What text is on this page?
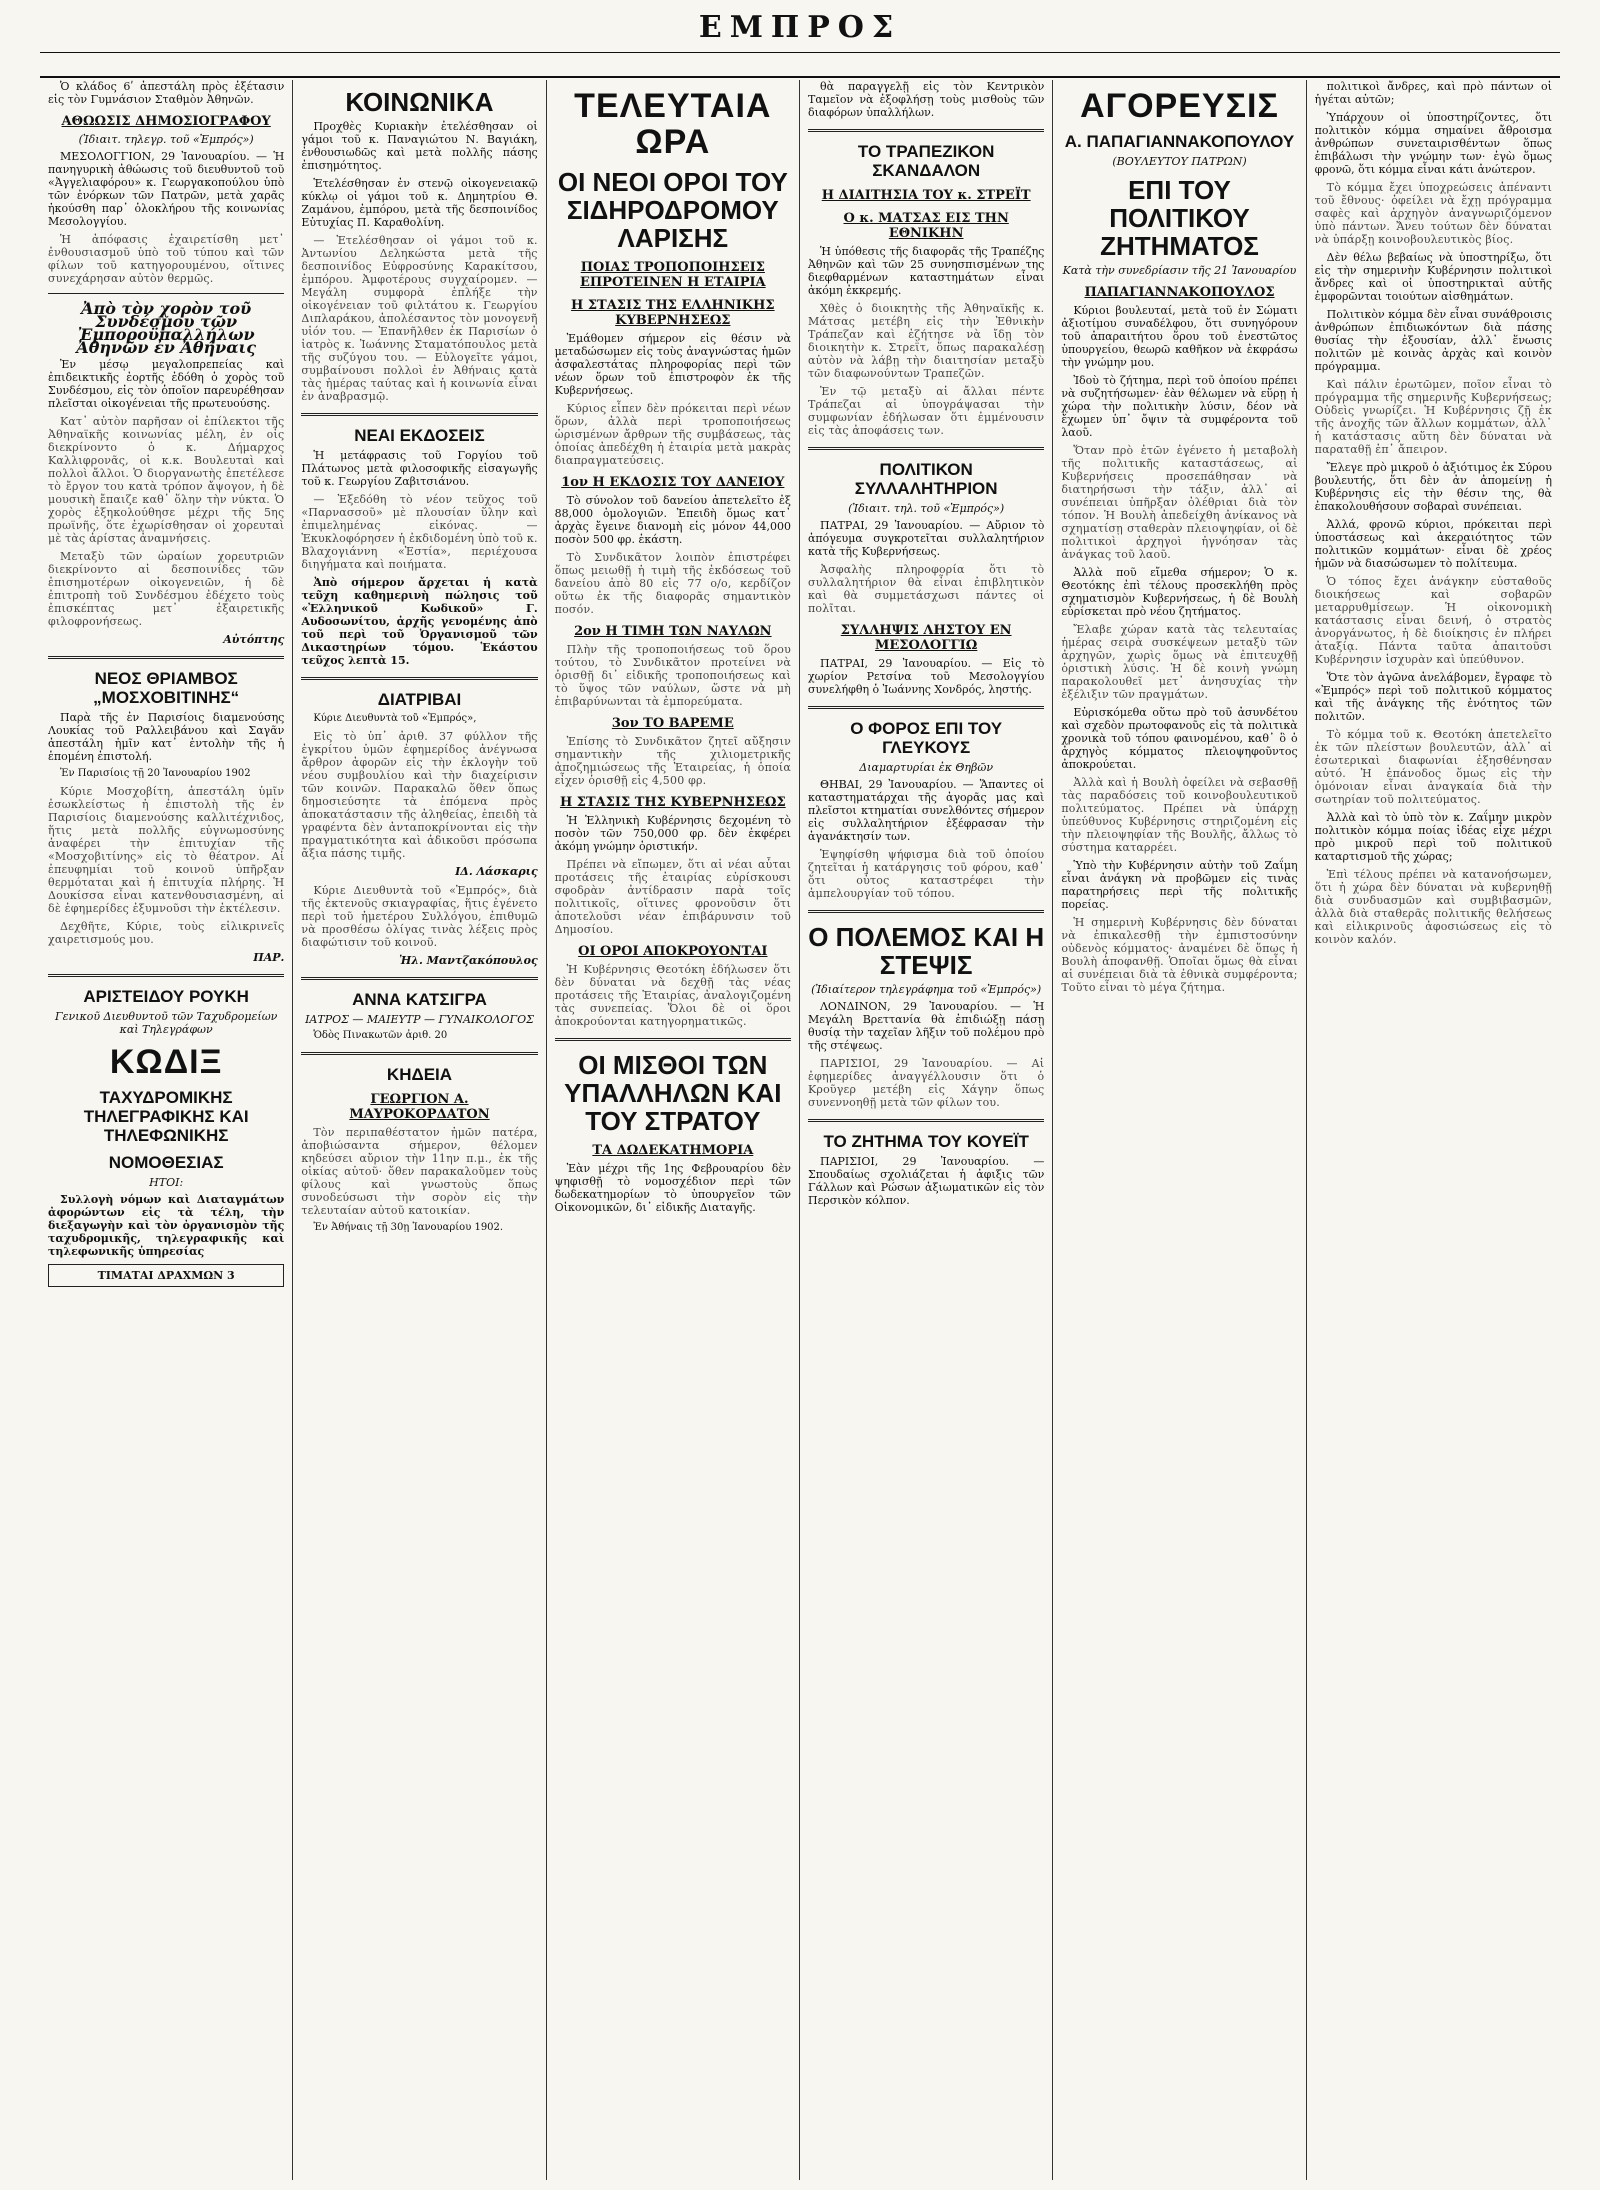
ΕΜΠΡΟΣ

Ὁ κλάδος 6ʹ ἀπεστάλη πρὸς ἐξέτασιν εἰς τὸν Γυμνάσιον Σταθμὸν Ἀθηνῶν.

ΑΘΩΩΣΙΣ ΔΗΜΟΣΙΟΓΡΑΦΟΥ
(Ἰδιαιτ. τηλεγρ. τοῦ «Ἐμπρός»)

ΜΕΣΟΛΟΓΓΙΟΝ, 29 Ἰανουαρίου. — Ἡ πανηγυρικὴ ἀθώωσις τοῦ διευθυντοῦ τοῦ «Ἀγγελιαφόρου» κ. Γεωργακοπούλου ὑπὸ τῶν ἐνόρκων τῶν Πατρῶν, μετὰ χαρᾶς ἠκούσθη παρ᾽ ὁλοκλήρου τῆς κοινωνίας Μεσολογγίου.

Ἡ ἀπόφασις ἐχαιρετίσθη μετ᾽ ἐνθουσιασμοῦ ὑπὸ τοῦ τύπου καὶ τῶν φίλων τοῦ κατηγορουμένου, οἵτινες συνεχάρησαν αὐτὸν θερμῶς.

Ἀπὸ τὸν χορὸν τοῦ Συνδέσμου τῶν Ἐμποροϋπαλλήλων Ἀθηνῶν ἐν Ἀθήναις

Ἐν μέσῳ μεγαλοπρεπείας καὶ ἐπιδεικτικῆς ἐορτῆς ἐδόθη ὁ χορὸς τοῦ Συνδέσμου, εἰς τὸν ὁποῖον παρευρέθησαν πλεῖσται οἰκογένειαι τῆς πρωτευούσης.

Κατ᾽ αὐτὸν παρῆσαν οἱ ἐπίλεκτοι τῆς Ἀθηναϊκῆς κοινωνίας μέλη, ἐν οἷς διεκρίνοντο ὁ κ. Δήμαρχος Καλλιφρονᾶς, οἱ κ.κ. Βουλευταὶ καὶ πολλοὶ ἄλλοι. Ὁ διοργανωτὴς ἐπετέλεσε τὸ ἔργον του κατὰ τρόπον ἄψογον, ἡ δὲ μουσικὴ ἔπαιζε καθ᾽ ὅλην τὴν νύκτα. Ὁ χορὸς ἐξηκολούθησε μέχρι τῆς 5ης πρωϊνῆς, ὅτε ἐχωρίσθησαν οἱ χορευταὶ μὲ τὰς ἀρίστας ἀναμνήσεις.

Μεταξὺ τῶν ὡραίων χορευτριῶν διεκρίνοντο αἱ δεσποινίδες τῶν ἐπισημοτέρων οἰκογενειῶν, ἡ δὲ ἐπιτροπὴ τοῦ Συνδέσμου ἐδέχετο τοὺς ἐπισκέπτας μετ᾽ ἐξαιρετικῆς φιλοφρονήσεως.

Αὐτόπτης
ΝΕΟΣ ΘΡΙΑΜΒΟΣ „ΜΟΣΧΟΒΙΤΙΝΗΣ“

Παρὰ τῆς ἐν Παρισίοις διαμενούσης Λουκίας τοῦ Ραλλειβάνου καὶ Σαγᾶν ἀπεστάλη ἡμῖν κατ᾽ ἐντολὴν τῆς ἡ ἑπομένη ἐπιστολή.

Ἐν Παρισίοις τῇ 20 Ἰανουαρίου 1902

Κύριε Μοσχοβίτη, ἀπεστάλη ὑμῖν ἐσωκλείστως ἡ ἐπιστολὴ τῆς ἐν Παρισίοις διαμενούσης καλλιτέχνιδος, ἥτις μετὰ πολλῆς εὐγνωμοσύνης ἀναφέρει τὴν ἐπιτυχίαν τῆς «Μοσχοβιτίνης» εἰς τὸ θέατρον. Αἱ ἐπευφημίαι τοῦ κοινοῦ ὑπῆρξαν θερμόταται καὶ ἡ ἐπιτυχία πλήρης. Ἡ Δουκίσσα εἶναι κατενθουσιασμένη, αἱ δὲ ἐφημερίδες ἐξυμνοῦσι τὴν ἐκτέλεσιν.

Δεχθῆτε, Κύριε, τοὺς εἰλικρινεῖς χαιρετισμούς μου.

ΠΑΡ.
ΑΡΙΣΤΕΙΔΟΥ ΡΟΥΚΗ
Γενικοῦ Διευθυντοῦ τῶν Ταχυδρομείων καὶ Τηλεγράφων
ΚΩΔΙΞ
ΤΑΧΥΔΡΟΜΙΚΗΣ ΤΗΛΕΓΡΑΦΙΚΗΣ ΚΑΙ ΤΗΛΕΦΩΝΙΚΗΣ
ΝΟΜΟΘΕΣΙΑΣ
ΗΤΟΙ:

Συλλογὴ νόμων καὶ Διαταγμάτων ἀφορώντων εἰς τὰ τέλη, τὴν διεξαγωγὴν καὶ τὸν ὀργανισμὸν τῆς ταχυδρομικῆς, τηλεγραφικῆς καὶ τηλεφωνικῆς ὑπηρεσίας

ΤΙΜΑΤΑΙ ΔΡΑΧΜΩΝ 3
ΚΟΙΝΩΝΙΚΑ

Προχθὲς Κυριακὴν ἐτελέσθησαν οἱ γάμοι τοῦ κ. Παναγιώτου Ν. Βαγιάκη, ἐνθουσιωδῶς καὶ μετὰ πολλῆς πάσης ἐπισημότητος.

Ἑτελέσθησαν ἐν στενῷ οἰκογενειακῷ κύκλῳ οἱ γάμοι τοῦ κ. Δημητρίου Θ. Ζαμάνου, ἐμπόρου, μετὰ τῆς δεσποινίδος Εὐτυχίας Π. Καραθολίνη.

— Ἑτελέσθησαν οἱ γάμοι τοῦ κ. Ἀντωνίου Δεληκώστα μετὰ τῆς δεσποινίδος Εὐφροσύνης Καρακίτσου, ἐμπόρου. Ἀμφοτέρους συγχαίρομεν. — Μεγάλη συμφορὰ ἐπλήξε τὴν οἰκογένειαν τοῦ φιλτάτου κ. Γεωργίου Διπλαράκου, ἀπολέσαντος τὸν μονογενῆ υἱόν του. — Ἐπανῆλθεν ἐκ Παρισίων ὁ ἰατρὸς κ. Ἰωάννης Σταματόπουλος μετὰ τῆς συζύγου του. — Εὐλογεῖτε γάμοι, συμβαίνουσι πολλοὶ ἐν Ἀθήναις κατὰ τὰς ἡμέρας ταύτας καὶ ἡ κοινωνία εἶναι ἐν ἀναβρασμῷ.

ΝΕΑΙ ΕΚΔΟΣΕΙΣ

Ἡ μετάφρασις τοῦ Γοργίου τοῦ Πλάτωνος μετὰ φιλοσοφικῆς εἰσαγωγῆς τοῦ κ. Γεωργίου Ζαβιτσιάνου.

— Ἐξεδόθη τὸ νέον τεῦχος τοῦ «Παρνασσοῦ» μὲ πλουσίαν ὕλην καὶ ἐπιμελημένας εἰκόνας. — Ἐκυκλοφόρησεν ἡ ἐκδιδομένη ὑπὸ τοῦ κ. Βλαχογιάννη «Ἑστία», περιέχουσα διηγήματα καὶ ποιήματα.

Ἀπὸ σήμερον ἄρχεται ἡ κατὰ τεῦχη καθημερινὴ πώλησις τοῦ «Ἐλληνικοῦ Κωδικοῦ» Γ. Αυδοσωνίτου, ἀρχῆς γενομένης ἀπὸ τοῦ περὶ τοῦ Ὀργανισμοῦ τῶν Δικαστηρίων τόμου. Ἑκάστου τεῦχος λεπτὰ 15.

ΔΙΑΤΡΙΒΑΙ

Κύριε Διευθυντὰ τοῦ «Ἐμπρός»,

Εἰς τὸ ὑπ᾽ ἀριθ. 37 φύλλον τῆς ἐγκρίτου ὑμῶν ἐφημερίδος ἀνέγνωσα ἄρθρον ἀφορῶν εἰς τὴν ἐκλογὴν τοῦ νέου συμβουλίου καὶ τὴν διαχείρισιν τῶν κοινῶν. Παρακαλῶ ὅθεν ὅπως δημοσιεύσητε τὰ ἑπόμενα πρὸς ἀποκατάστασιν τῆς ἀληθείας, ἐπειδὴ τὰ γραφέντα δὲν ἀνταποκρίνονται εἰς τὴν πραγματικότητα καὶ ἀδικοῦσι πρόσωπα ἄξια πάσης τιμῆς.

ΙΔ. Λάσκαρις

Κύριε Διευθυντὰ τοῦ «Ἐμπρός», διὰ τῆς ἐκτενοῦς σκιαγραφίας, ἥτις ἐγένετο περὶ τοῦ ἡμετέρου Συλλόγου, ἐπιθυμῶ νὰ προσθέσω ὀλίγας τινὰς λέξεις πρὸς διαφώτισιν τοῦ κοινοῦ.

Ἠλ. Μαντζακόπουλος
ΑΝΝΑ ΚΑΤΣΙΓΡΑ
ΙΑΤΡΟΣ — ΜΑΙΕΥΤΡ — ΓΥΝΑΙΚΟΛΟΓΟΣ

Ὁδὸς Πινακωτῶν ἀριθ. 20

ΚΗΔΕΙΑ
ΓΕΩΡΓΙΟΝ Α. ΜΑΥΡΟΚΟΡΔΑΤΟΝ

Τὸν περιπαθέστατον ἡμῶν πατέρα, ἀποβιώσαντα σήμερον, θέλομεν κηδεύσει αὔριον τὴν 11ην π.μ., ἐκ τῆς οἰκίας αὐτοῦ· ὅθεν παρακαλοῦμεν τοὺς φίλους καὶ γνωστοὺς ὅπως συνοδεύσωσι τὴν σορὸν εἰς τὴν τελευταίαν αὐτοῦ κατοικίαν.

Ἐν Ἀθήναις τῇ 30ῃ Ἰανουαρίου 1902.

ΤΕΛΕΥΤΑΙΑ ΩΡΑ
ΟΙ ΝΕΟΙ ΟΡΟΙ ΤΟΥ ΣΙΔΗΡΟΔΡΟΜΟΥ ΛΑΡΙΣΗΣ
ΠΟΙΑΣ ΤΡΟΠΟΠΟΙΗΣΕΙΣ ΕΠΡΟΤΕΙΝΕΝ Η ΕΤΑΙΡΙΑ
Η ΣΤΑΣΙΣ ΤΗΣ ΕΛΛΗΝΙΚΗΣ ΚΥΒΕΡΝΗΣΕΩΣ

Ἐμάθομεν σήμερον εἰς θέσιν νὰ μεταδώσωμεν εἰς τοὺς ἀναγνώστας ἡμῶν ἀσφαλεστάτας πληροφορίας περὶ τῶν νέων ὅρων τοῦ ἐπιστροφὸν ἐκ τῆς Κυβερνήσεως.

Κύριος εἶπεν δὲν πρόκειται περὶ νέων ὅρων, ἀλλὰ περὶ τροποποιήσεως ὡρισμένων ἄρθρων τῆς συμβάσεως, τὰς ὁποίας ἀπεδέχθη ἡ ἐταιρία μετὰ μακρὰς διαπραγματεύσεις.

1ον Η ΕΚΔΟΣΙΣ ΤΟΥ ΔΑΝΕΙΟΥ

Τὸ σύνολον τοῦ δανείου ἀπετελεῖτο ἐξ 88,000 ὁμολογιῶν. Ἐπειδὴ ὅμως κατ᾽ ἀρχὰς ἔγεινε διανομὴ εἰς μόνον 44,000 ποσὸν 500 φρ. ἑκάστη.

Τὸ Συνδικᾶτον λοιπὸν ἐπιστρέφει ὅπως μειωθῇ ἡ τιμὴ τῆς ἐκδόσεως τοῦ δανείου ἀπὸ 80 εἰς 77 ο/ο, κερδίζον οὕτω ἐκ τῆς διαφορᾶς σημαντικὸν ποσόν.

2ον Η ΤΙΜΗ ΤΩΝ ΝΑΥΛΩΝ

Πλὴν τῆς τροποποιήσεως τοῦ ὅρου τούτου, τὸ Συνδικᾶτον προτείνει νὰ ὁρισθῇ δι᾽ εἰδικῆς τροποποιήσεως καὶ τὸ ὕψος τῶν ναύλων, ὥστε νὰ μὴ ἐπιβαρύνωνται τὰ ἐμπορεύματα.

3ον ΤΟ ΒΑΡΕΜΕ

Ἐπίσης τὸ Συνδικᾶτον ζητεῖ αὔξησιν σημαντικὴν τῆς χιλιομετρικῆς ἀποζημιώσεως τῆς Ἑταιρείας, ἡ ὁποία εἶχεν ὁρισθῇ εἰς 4,500 φρ.

Η ΣΤΑΣΙΣ ΤΗΣ ΚΥΒΕΡΝΗΣΕΩΣ

Ἡ Ἑλληνικὴ Κυβέρνησις δεχομένη τὸ ποσὸν τῶν 750,000 φρ. δὲν ἐκφέρει ἀκόμη γνώμην ὁριστικήν.

Πρέπει νὰ εἴπωμεν, ὅτι αἱ νέαι αὗται προτάσεις τῆς ἐταιρίας εὐρίσκουσι σφοδρὰν ἀντίδρασιν παρὰ τοῖς πολιτικοῖς, οἵτινες φρονοῦσιν ὅτι ἀποτελοῦσι νέαν ἐπιβάρυνσιν τοῦ Δημοσίου.

ΟΙ ΟΡΟΙ ΑΠΟΚΡΟΥΟΝΤΑΙ

Ἡ Κυβέρνησις Θεοτόκη ἐδήλωσεν ὅτι δὲν δύναται νὰ δεχθῇ τὰς νέας προτάσεις τῆς Ἑταιρίας, ἀναλογιζομένη τὰς συνεπείας. Ὅλοι δὲ οἱ ὅροι ἀποκρούονται κατηγορηματικῶς.

ΟΙ ΜΙΣΘΟΙ ΤΩΝ ΥΠΑΛΛΗΛΩΝ ΚΑΙ ΤΟΥ ΣΤΡΑΤΟΥ
ΤΑ ΔΩΔΕΚΑΤΗΜΟΡΙΑ

Ἐὰν μέχρι τῆς 1ης Φεβρουαρίου δὲν ψηφισθῇ τὸ νομοσχέδιον περὶ τῶν δωδεκατημορίων τὸ ὑπουργεῖον τῶν Οἰκονομικῶν, δι᾽ εἰδικῆς Διαταγῆς.

θὰ παραγγελῇ εἰς τὸν Κεντρικὸν Ταμεῖον νὰ ἐξοφλήσῃ τοὺς μισθοὺς τῶν διαφόρων ὑπαλλήλων.

ΤΟ ΤΡΑΠΕΖΙΚΟΝ ΣΚΑΝΔΑΛΟΝ
Η ΔΙΑΙΤΗΣΙΑ ΤΟΥ κ. ΣΤΡΕΪΤ
Ο κ. ΜΑΤΣΑΣ ΕΙΣ ΤΗΝ ΕΘΝΙΚΗΝ

Ἡ ὑπόθεσις τῆς διαφορᾶς τῆς Τραπέζης Ἀθηνῶν καὶ τῶν 25 συνησπισμένων της διεφθαρμένων καταστημάτων εἶναι ἀκόμη ἐκκρεμής.

Χθὲς ὁ διοικητὴς τῆς Ἀθηναϊκῆς κ. Μάτσας μετέβη εἰς τὴν Ἐθνικὴν Τράπεζαν καὶ ἐζήτησε νὰ ἴδῃ τὸν διοικητὴν κ. Στρεῒτ, ὅπως παρακαλέσῃ αὐτὸν νὰ λάβῃ τὴν διαιτησίαν μεταξὺ τῶν διαφωνούντων Τραπεζῶν.

Ἐν τῷ μεταξὺ αἱ ἄλλαι πέντε Τράπεζαι αἱ ὑπογράψασαι τὴν συμφωνίαν ἐδήλωσαν ὅτι ἐμμένουσιν εἰς τὰς ἀποφάσεις των.

ΠΟΛΙΤΙΚΟΝ ΣΥΛΛΑΛΗΤΗΡΙΟΝ
(Ἰδιαιτ. τηλ. τοῦ «Ἐμπρός»)

ΠΑΤΡΑΙ, 29 Ἰανουαρίου. — Αὔριον τὸ ἀπόγευμα συγκροτεῖται συλλαλητήριον κατὰ τῆς Κυβερνήσεως.

Ἀσφαλὴς πληροφορία ὅτι τὸ συλλαλητήριον θὰ εἶναι ἐπιβλητικὸν καὶ θὰ συμμετάσχωσι πάντες οἱ πολῖται.

ΣΥΛΛΗΨΙΣ ΛΗΣΤΟΥ ΕΝ ΜΕΣΟΛΟΓΓΙΩ

ΠΑΤΡΑΙ, 29 Ἰανουαρίου. — Εἰς τὸ χωρίον Ρετσίνα τοῦ Μεσολογγίου συνελήφθη ὁ Ἰωάννης Χονδρός, ληστής.

Ο ΦΟΡΟΣ ΕΠΙ ΤΟΥ ΓΛΕΥΚΟΥΣ
Διαμαρτυρίαι ἐκ Θηβῶν

ΘΗΒΑΙ, 29 Ἰανουαρίου. — Ἅπαντες οἱ καταστηματάρχαι τῆς ἀγορᾶς μας καὶ πλεῖστοι κτηματίαι συνελθόντες σήμερον εἰς συλλαλητήριον ἐξέφρασαν τὴν ἀγανάκτησίν των.

Ἐψηφίσθη ψήφισμα διὰ τοῦ ὁποίου ζητεῖται ἡ κατάργησις τοῦ φόρου, καθ᾽ ὅτι οὗτος καταστρέφει τὴν ἀμπελουργίαν τοῦ τόπου.

Ο ΠΟΛΕΜΟΣ ΚΑΙ Η ΣΤΕΨΙΣ
(Ἰδιαίτερον τηλεγράφημα τοῦ «Ἐμπρός»)

ΛΟΝΔΙΝΟΝ, 29 Ἰανουαρίου. — Ἡ Μεγάλη Βρεττανία θὰ ἐπιδιώξῃ πάσῃ θυσίᾳ τὴν ταχεῖαν λῆξιν τοῦ πολέμου πρὸ τῆς στέψεως.

ΠΑΡΙΣΙΟΙ, 29 Ἰανουαρίου. — Αἱ ἐφημερίδες ἀναγγέλλουσιν ὅτι ὁ Κροῦγερ μετέβη εἰς Χάγην ὅπως συνεννοηθῇ μετὰ τῶν φίλων του.

ΤΟ ΖΗΤΗΜΑ ΤΟΥ ΚΟΥΕΪΤ

ΠΑΡΙΣΙΟΙ, 29 Ἰανουαρίου. — Σπουδαίως σχολιάζεται ἡ ἀφιξις τῶν Γάλλων καὶ Ρώσων ἀξιωματικῶν εἰς τὸν Περσικὸν κόλπον.

ΑΓΟΡΕΥΣΙΣ
Α. ΠΑΠΑΓΙΑΝΝΑΚΟΠΟΥΛΟΥ
(ΒΟΥΛΕΥΤΟΥ ΠΑΤΡΩΝ)
ΕΠΙ ΤΟΥ ΠΟΛΙΤΙΚΟΥ ΖΗΤΗΜΑΤΟΣ
Κατὰ τὴν συνεδρίασιν τῆς 21 Ἰανουαρίου
ΠΑΠΑΓΙΑΝΝΑΚΟΠΟΥΛΟΣ

Κύριοι βουλευταί, μετὰ τοῦ ἐν Σώματι ἀξιοτίμου συναδέλφου, ὅτι συνηγόρουν τοῦ ἀπαραιτήτου ὅρου τοῦ ἐνεστῶτος ὑπουργείου, θεωρῶ καθῆκον νὰ ἐκφράσω τὴν γνώμην μου.

Ἰδοὺ τὸ ζήτημα, περὶ τοῦ ὁποίου πρέπει νὰ συζητήσωμεν· ἐὰν θέλωμεν νὰ εὕρῃ ἡ χώρα τὴν πολιτικὴν λύσιν, δέον νὰ ἔχωμεν ὑπ᾽ ὄψιν τὰ συμφέροντα τοῦ λαοῦ.

Ὅταν πρὸ ἐτῶν ἐγένετο ἡ μεταβολὴ τῆς πολιτικῆς καταστάσεως, αἱ Κυβερνήσεις προσεπάθησαν νὰ διατηρήσωσι τὴν τάξιν, ἀλλ᾽ αἱ συνέπειαι ὑπῆρξαν ὀλέθριαι διὰ τὸν τόπον. Ἡ Βουλὴ ἀπεδείχθη ἀνίκανος νὰ σχηματίσῃ σταθερὰν πλειοψηφίαν, οἱ δὲ πολιτικοὶ ἀρχηγοὶ ἠγνόησαν τὰς ἀνάγκας τοῦ λαοῦ.

Ἀλλὰ ποῦ εἴμεθα σήμερον; Ὁ κ. Θεοτόκης ἐπὶ τέλους προσεκλήθη πρὸς σχηματισμὸν Κυβερνήσεως, ἡ δὲ Βουλὴ εὑρίσκεται πρὸ νέου ζητήματος.

Ἔλαβε χώραν κατὰ τὰς τελευταίας ἡμέρας σειρὰ συσκέψεων μεταξὺ τῶν ἀρχηγῶν, χωρὶς ὅμως νὰ ἐπιτευχθῇ ὁριστικὴ λύσις. Ἡ δὲ κοινὴ γνώμη παρακολουθεῖ μετ᾽ ἀνησυχίας τὴν ἐξέλιξιν τῶν πραγμάτων.

Εὐρισκόμεθα οὕτω πρὸ τοῦ ἀσυνδέτου καὶ σχεδὸν πρωτοφανοῦς εἰς τὰ πολιτικὰ χρονικὰ τοῦ τόπου φαινομένου, καθ᾽ ὃ ὁ ἀρχηγὸς κόμματος πλειοψηφοῦντος ἀποκρούεται.

Ἀλλὰ καὶ ἡ Βουλὴ ὀφείλει νὰ σεβασθῇ τὰς παραδόσεις τοῦ κοινοβουλευτικοῦ πολιτεύματος. Πρέπει νὰ ὑπάρχῃ ὑπεύθυνος Κυβέρνησις στηριζομένη εἰς τὴν πλειοψηφίαν τῆς Βουλῆς, ἄλλως τὸ σύστημα καταρρέει.

Ὑπὸ τὴν Κυβέρνησιν αὐτὴν τοῦ Ζαΐμη εἶναι ἀνάγκη νὰ προβῶμεν εἰς τινὰς παρατηρήσεις περὶ τῆς πολιτικῆς πορείας.

Ἡ σημερινὴ Κυβέρνησις δὲν δύναται νὰ ἐπικαλεσθῇ τὴν ἐμπιστοσύνην οὐδενὸς κόμματος· ἀναμένει δὲ ὅπως ἡ Βουλὴ ἀποφανθῇ. Ὁποῖαι ὅμως θὰ εἶναι αἱ συνέπειαι διὰ τὰ ἐθνικὰ συμφέροντα; Τοῦτο εἶναι τὸ μέγα ζήτημα.

πολιτικοὶ ἄνδρες, καὶ πρὸ πάντων οἱ ἡγέται αὐτῶν;

Ὑπάρχουν οἱ ὑποστηρίζοντες, ὅτι πολιτικὸν κόμμα σημαίνει ἄθροισμα ἀνθρώπων συνεταιρισθέντων ὅπως ἐπιβάλωσι τὴν γνώμην των· ἐγὼ ὅμως φρονῶ, ὅτι κόμμα εἶναι κάτι ἀνώτερον.

Τὸ κόμμα ἔχει ὑποχρεώσεις ἀπέναντι τοῦ ἔθνους· ὀφείλει νὰ ἔχῃ πρόγραμμα σαφὲς καὶ ἀρχηγὸν ἀναγνωριζόμενον ὑπὸ πάντων. Ἄνευ τούτων δὲν δύναται νὰ ὑπάρξῃ κοινοβουλευτικὸς βίος.

Δὲν θέλω βεβαίως νὰ ὑποστηρίξω, ὅτι εἰς τὴν σημερινὴν Κυβέρνησιν πολιτικοὶ ἄνδρες καὶ οἱ ὑποστηρικταὶ αὐτῆς ἐμφορῶνται τοιούτων αἰσθημάτων.

Πολιτικὸν κόμμα δὲν εἶναι συνάθροισις ἀνθρώπων ἐπιδιωκόντων διὰ πάσης θυσίας τὴν ἐξουσίαν, ἀλλ᾽ ἕνωσις πολιτῶν μὲ κοινὰς ἀρχὰς καὶ κοινὸν πρόγραμμα.

Καὶ πάλιν ἐρωτῶμεν, ποῖον εἶναι τὸ πρόγραμμα τῆς σημερινῆς Κυβερνήσεως; Οὐδεὶς γνωρίζει. Ἡ Κυβέρνησις ζῇ ἐκ τῆς ἀνοχῆς τῶν ἄλλων κομμάτων, ἀλλ᾽ ἡ κατάστασις αὕτη δὲν δύναται νὰ παραταθῇ ἐπ᾽ ἄπειρον.

Ἔλεγε πρὸ μικροῦ ὁ ἀξιότιμος ἐκ Σύρου βουλευτής, ὅτι δὲν ἀν ἀπομείνῃ ἡ Κυβέρνησις εἰς τὴν θέσιν της, θὰ ἐπακολουθήσουν σοβαραὶ συνέπειαι.

Ἀλλά, φρονῶ κύριοι, πρόκειται περὶ ὑποστάσεως καὶ ἀκεραιότητος τῶν πολιτικῶν κομμάτων· εἶναι δὲ χρέος ἡμῶν νὰ διασώσωμεν τὸ πολίτευμα.

Ὁ τόπος ἔχει ἀνάγκην εὐσταθοῦς διοικήσεως καὶ σοβαρῶν μεταρρυθμίσεων. Ἡ οἰκονομικὴ κατάστασις εἶναι δεινή, ὁ στρατὸς ἀνοργάνωτος, ἡ δὲ διοίκησις ἐν πλήρει ἀταξίᾳ. Πάντα ταῦτα ἀπαιτοῦσι Κυβέρνησιν ἰσχυρὰν καὶ ὑπεύθυνον.

Ὅτε τὸν ἀγῶνα ἀνελάβομεν, ἔγραφε τὸ «Ἐμπρός» περὶ τοῦ πολιτικοῦ κόμματος καὶ τῆς ἀνάγκης τῆς ἐνότητος τῶν πολιτῶν.

Τὸ κόμμα τοῦ κ. Θεοτόκη ἀπετελεῖτο ἐκ τῶν πλείστων βουλευτῶν, ἀλλ᾽ αἱ ἐσωτερικαὶ διαφωνίαι ἐξησθένησαν αὐτό. Ἡ ἐπάνοδος ὅμως εἰς τὴν ὁμόνοιαν εἶναι ἀναγκαία διὰ τὴν σωτηρίαν τοῦ πολιτεύματος.

Ἀλλὰ καὶ τὸ ὑπὸ τὸν κ. Ζαΐμην μικρὸν πολιτικὸν κόμμα ποίας ἰδέας εἶχε μέχρι πρὸ μικροῦ περὶ τοῦ πολιτικοῦ καταρτισμοῦ τῆς χώρας;

Ἐπὶ τέλους πρέπει νὰ κατανοήσωμεν, ὅτι ἡ χώρα δὲν δύναται νὰ κυβερνηθῇ διὰ συνδυασμῶν καὶ συμβιβασμῶν, ἀλλὰ διὰ σταθερᾶς πολιτικῆς θελήσεως καὶ εἰλικρινοῦς ἀφοσιώσεως εἰς τὸ κοινὸν καλόν.
